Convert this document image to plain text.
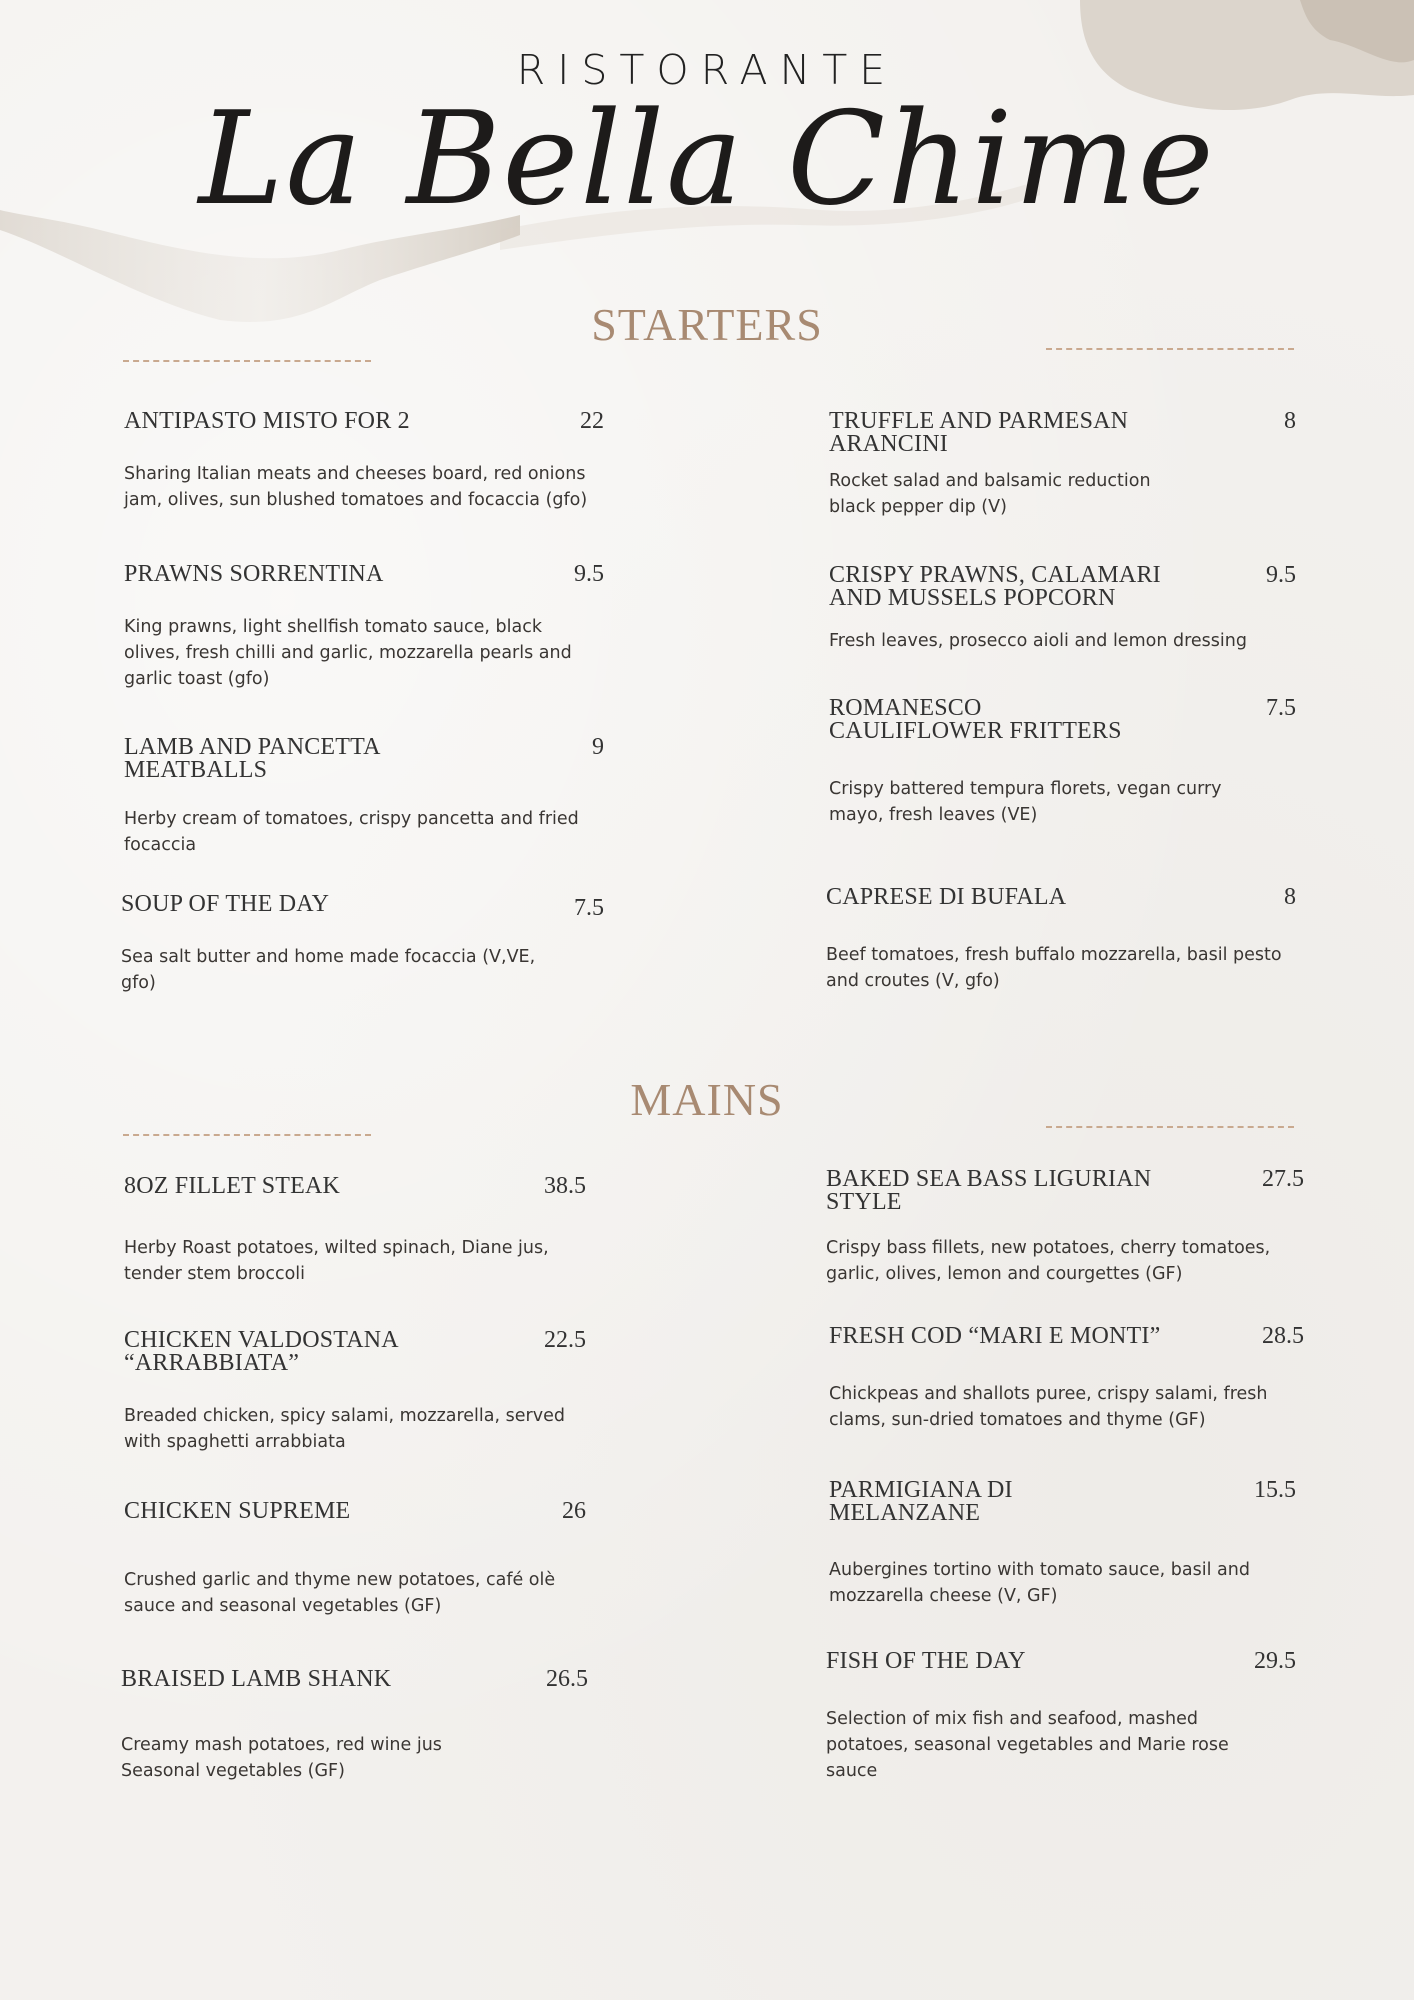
RISTORANTE
La Bella Chime
STARTERS
ANTIPASTO MISTO FOR 2	22
Sharing Italian meats and cheeses board, red onions jam, olives, sun blushed tomatoes and focaccia (gfo)
PRAWNS SORRENTINA	9.5
King prawns, light shellfish tomato sauce, black olives, fresh chilli and garlic, mozzarella pearls and garlic toast (gfo)
LAMB AND PANCETTA MEATBALLS
9
Herby cream of tomatoes, crispy pancetta and fried focaccia
SOUP OF THE DAY	7.5
Sea salt butter and home made focaccia (V,VE, gfo)
TRUFFLE AND PARMESAN ARANCINI
8
Rocket salad and balsamic reduction black pepper dip (V)
CRISPY PRAWNS, CALAMARI AND MUSSELS POPCORN
9.5
Fresh leaves, prosecco aioli and lemon dressing
ROMANESCO CAULIFLOWER FRITTERS
7.5
Crispy battered tempura florets, vegan curry mayo, fresh leaves (VE)
CAPRESE DI BUFALA	8
Beef tomatoes, fresh buffalo mozzarella, basil pesto and croutes (V, gfo)
MAINS
8OZ FILLET STEAK	38.5
Herby Roast potatoes, wilted spinach, Diane jus, tender stem broccoli
CHICKEN VALDOSTANA “ARRABBIATA”
22.5
Breaded chicken, spicy salami, mozzarella, served with spaghetti arrabbiata
CHICKEN SUPREME	26
Crushed garlic and thyme new potatoes, café olè sauce and seasonal vegetables (GF)
BRAISED LAMB SHANK	26.5
Creamy mash potatoes, red wine jus Seasonal vegetables (GF)
BAKED SEA BASS LIGURIAN STYLE
27.5
Crispy bass fillets, new potatoes, cherry tomatoes, garlic, olives, lemon and courgettes (GF)
FRESH COD “MARI E MONTI”	28.5
Chickpeas and shallots puree, crispy salami, fresh clams, sun-dried tomatoes and thyme (GF)
PARMIGIANA DI MELANZANE
15.5
Aubergines tortino with tomato sauce, basil and mozzarella cheese (V, GF)
FISH OF THE DAY	29.5
Selection of mix fish and seafood, mashed potatoes, seasonal vegetables and Marie rose sauce
